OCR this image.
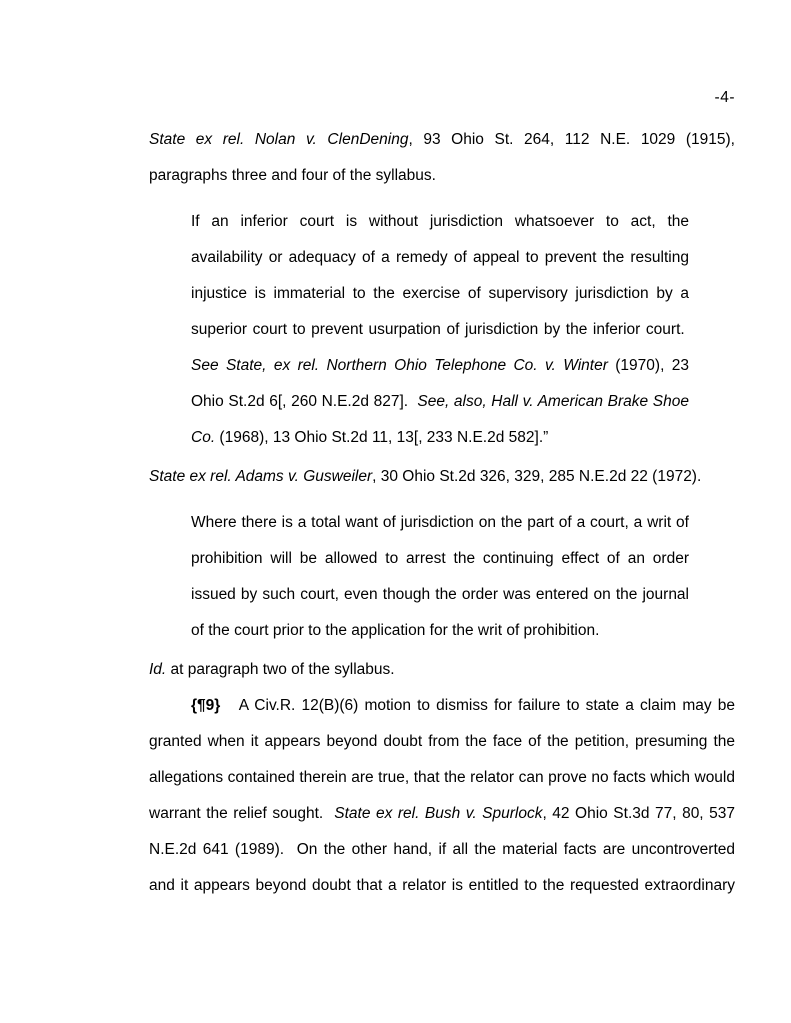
-4-
State ex rel. Nolan v. ClenDening, 93 Ohio St. 264, 112 N.E. 1029 (1915), paragraphs three and four of the syllabus.
If an inferior court is without jurisdiction whatsoever to act, the availability or adequacy of a remedy of appeal to prevent the resulting injustice is immaterial to the exercise of supervisory jurisdiction by a superior court to prevent usurpation of jurisdiction by the inferior court.  See State, ex rel. Northern Ohio Telephone Co. v. Winter (1970), 23 Ohio St.2d 6[, 260 N.E.2d 827].  See, also, Hall v. American Brake Shoe Co. (1968), 13 Ohio St.2d 11, 13[, 233 N.E.2d 582].”
State ex rel. Adams v. Gusweiler, 30 Ohio St.2d 326, 329, 285 N.E.2d 22 (1972).
Where there is a total want of jurisdiction on the part of a court, a writ of prohibition will be allowed to arrest the continuing effect of an order issued by such court, even though the order was entered on the journal of the court prior to the application for the writ of prohibition.
Id. at paragraph two of the syllabus.
{¶9}   A Civ.R. 12(B)(6) motion to dismiss for failure to state a claim may be granted when it appears beyond doubt from the face of the petition, presuming the allegations contained therein are true, that the relator can prove no facts which would warrant the relief sought.  State ex rel. Bush v. Spurlock, 42 Ohio St.3d 77, 80, 537 N.E.2d 641 (1989).  On the other hand, if all the material facts are uncontroverted and it appears beyond doubt that a relator is entitled to the requested extraordinary
